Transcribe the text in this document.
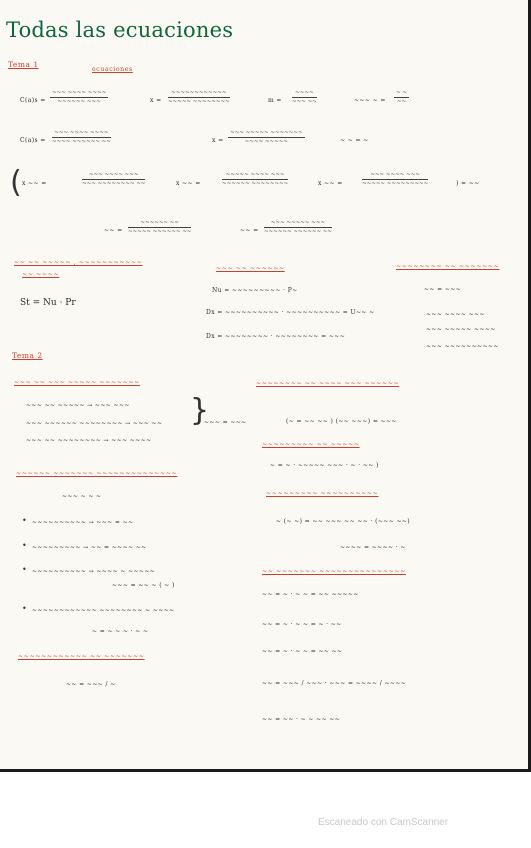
Todas las ecuaciones
Tema 1
ecuaciones
C(a)s =
~~~ ~~~~ ~~~~
~~~~~~ ~~~	x =
~~~~~~~~~~~~
~~~~~ ~~~~~~~~	m =
~~~~
~~~ ~~	~~~ ~ =
~ ~
~~
C(a)s =
~~~ ~~~~ ~~~~
~~~~ ~~~~~~ ~~	x =
~~~ ~~~~~ ~~~~~~~
~~~~ ~~~~~	~ ~ = ~
( x ~~ =
~~~ ~~~~ ~~~
~~~ ~~~~~~~~ ~~	x ~~ =
~~~~~ ~~~~ ~~~
~~~~~~ ~~~~~~~~	x ~~ =
~~~ ~~~~ ~~~
~~~~~ ~~~~~~~~~	) = ~~
~~ =
~~~~~~ ~~
~~~~~ ~~~~~~ ~~	~~ =
~~~ ~~~~~ ~~~
~~~~~~ ~~~~~~ ~~
~~ ~~ ~~~~~ , ~~~~~~~~~~~
~~ ~~~~
~~~ ~~ ~~~~~~	~~~~~~~~ ~~ ~~~~~~~
St = Nu · Pr
Nu = ~~~~~~~~~ · P~
Dx = ~~~~~~~~~~ · ~~~~~~~~~~ = U~~ ~
Dx = ~~~~~~~~ · ~~~~~~~~ = ~~~
~~ = ~~~
~~~ ~~~~ ~~~
~~~ ~~~~~ ~~~~
~~~ ~~~~~~~~~~
Tema 2
~~~ ~~ ~~~ ~~~~~ ~~~~~~~
~~~ ~~ ~~~~~ → ~~~ ~~~
~~~ ~~~~~~ ~~~~~~~~ → ~~~ ~~
~~~ ~~ ~~~~~~~~ → ~~~ ~~~~
}
~~~ = ~~~
~~~~~~~~ ~~ ~~~~ ~~~ ~~~~~~
(~ = ~~ ~~ ) (~~ ~~~) = ~~~
~~~~~~~~~ ~~ ~~~~~
~ = ~ · ~~~~~ ~~~ · ~ · ~~ )
~~~~~~ ~~~~~~~ ~~~~~~~~~~~~~~
~~~ ~ ~ ~	~~~~~~~~~ ~~~~~~~~~~
~ (~ ~) = ~~ ~~~ ~~ ~~ · (~~~ ~~)
~~~~ = ~~~~ · ~
• ~~~~~~~~~~ → ~~~ = ~~
• ~~~~~~~~~ → ~~ = ~~~~ ~~
• ~~~~~~~~~~ → ~~~~ ~ ~~~~~
~~~ = ~~ ~ ( ~ )
• ~~~~~~~~~~~~ ~~~~~~~~ ~ ~~~~
~ = ~ ~ ~ · ~ ~
~~ ~~~~~~~ ~~~~~~~~~~~~~~~
~~ = ~ · ~ ~ = ~~ ~~~~~
~~ = ~ · ~ ~ = ~ · ~~
~~ = ~ · ~ ~ = ~~ ~~
~~~~~~~~~~~~ ~~ ~~~~~~~
~~ = ~~~ / ~	~~ = ~~~ / ~~~ · ~~~ = ~~~~ / ~~~~
~~ = ~~ · ~ ~ ~~ ~~
Escaneado con CamScanner
